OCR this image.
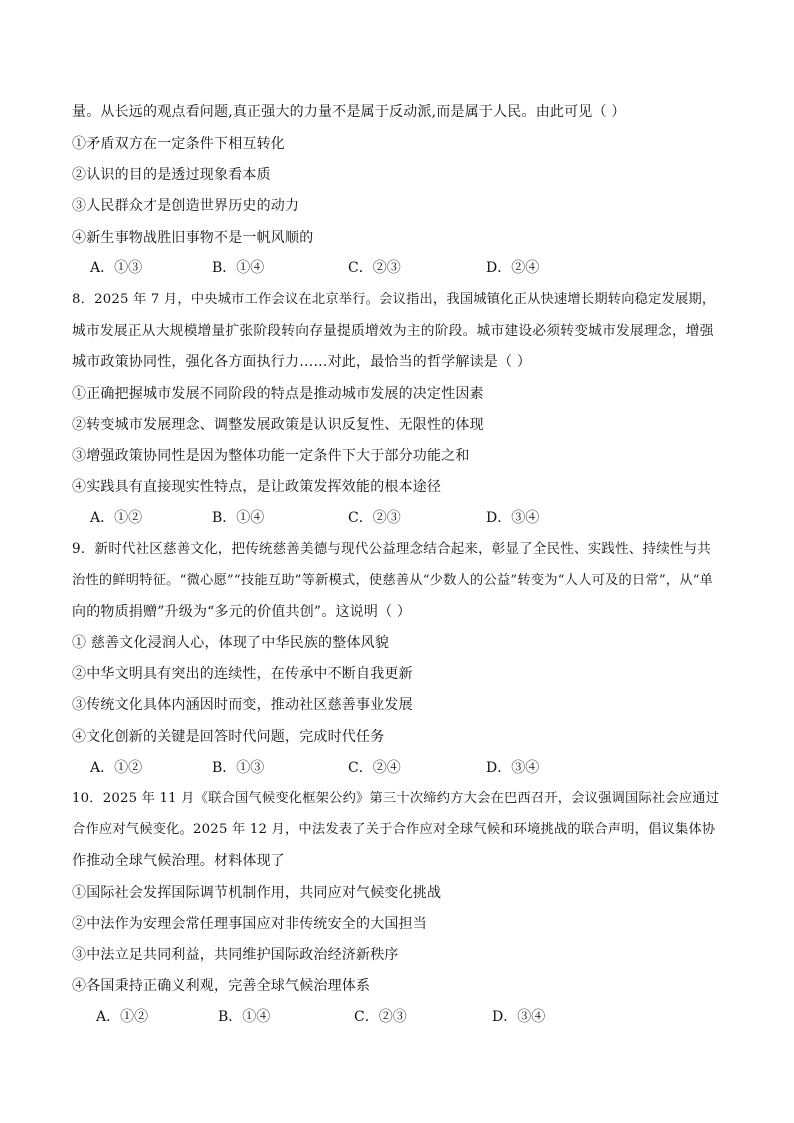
量。从长远的观点看问题,真正强大的力量不是属于反动派,而是属于人民。由此可见（ ）
①矛盾双方在一定条件下相互转化
②认识的目的是透过现象看本质
③人民群众才是创造世界历史的动力
④新生事物战胜旧事物不是一帆风顺的
A．①③	B．①④	C．②③	D．②④
8．2025 年 7 月，中央城市工作会议在北京举行。会议指出，我国城镇化正从快速增长期转向稳定发展期，
城市发展正从大规模增量扩张阶段转向存量提质增效为主的阶段。城市建设必须转变城市发展理念，增强
城市政策协同性，强化各方面执行力……对此，最恰当的哲学解读是（ ）
①正确把握城市发展不同阶段的特点是推动城市发展的决定性因素
②转变城市发展理念、调整发展政策是认识反复性、无限性的体现
③增强政策协同性是因为整体功能一定条件下大于部分功能之和
④实践具有直接现实性特点，是让政策发挥效能的根本途径
A．①②	B．①④	C．②③	D．③④
9．新时代社区慈善文化，把传统慈善美德与现代公益理念结合起来，彰显了全民性、实践性、持续性与共
治性的鲜明特征。“微心愿”“技能互助”等新模式，使慈善从“少数人的公益”转变为“人人可及的日常”，从“单
向的物质捐赠”升级为“多元的价值共创”。这说明（ ）
① 慈善文化浸润人心，体现了中华民族的整体风貌
②中华文明具有突出的连续性，在传承中不断自我更新
③传统文化具体内涵因时而变，推动社区慈善事业发展
④文化创新的关键是回答时代问题，完成时代任务
A．①②	B．①③	C．②④	D．③④
10．2025 年 11 月《联合国气候变化框架公约》第三十次缔约方大会在巴西召开，会议强调国际社会应通过
合作应对气候变化。2025 年 12 月，中法发表了关于合作应对全球气候和环境挑战的联合声明，倡议集体协
作推动全球气候治理。材料体现了
①国际社会发挥国际调节机制作用，共同应对气候变化挑战
②中法作为安理会常任理事国应对非传统安全的大国担当
③中法立足共同利益，共同维护国际政治经济新秩序
④各国秉持正确义利观，完善全球气候治理体系
A．①②	B．①④	C．②③	D．③④
